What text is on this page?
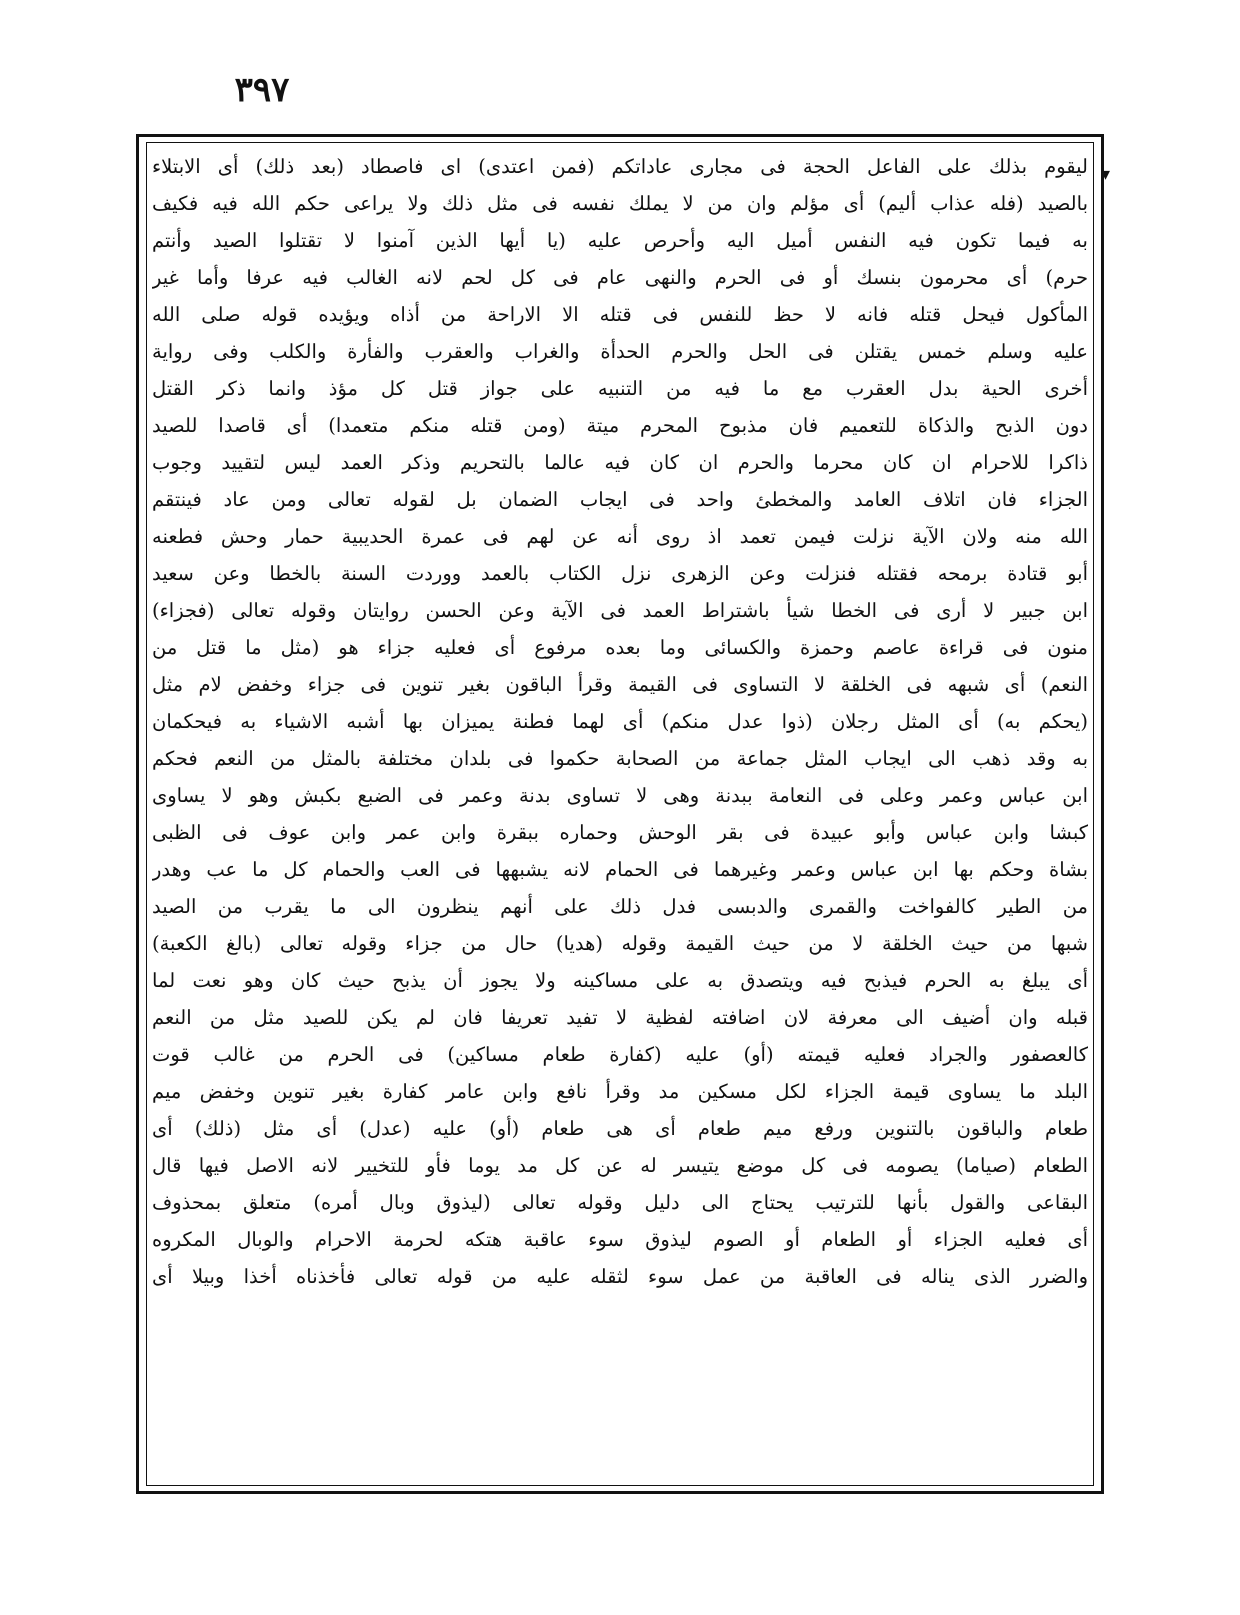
٣٩٧
▾
ليقوم بذلك على الفاعل الحجة فى مجارى عاداتكم (فمن اعتدى) اى فاصطاد (بعد ذلك) أى الابتلاء
بالصيد (فله عذاب أليم) أى مؤلم وان من لا يملك نفسه فى مثل ذلك ولا يراعى حكم الله فيه فكيف
به فيما تكون فيه النفس أميل اليه وأحرص عليه (يا أيها الذين آمنوا لا تقتلوا الصيد وأنتم
حرم) أى محرمون بنسك أو فى الحرم والنهى عام فى كل لحم لانه الغالب فيه عرفا وأما غير
المأكول فيحل قتله فانه لا حظ للنفس فى قتله الا الاراحة من أذاه ويؤيده قوله صلى الله
عليه وسلم خمس يقتلن فى الحل والحرم الحدأة والغراب والعقرب والفأرة والكلب وفى رواية
أخرى الحية بدل العقرب مع ما فيه من التنبيه على جواز قتل كل مؤذ وانما ذكر القتل
دون الذبح والذكاة للتعميم فان مذبوح المحرم ميتة (ومن قتله منكم متعمدا) أى قاصدا للصيد
ذاكرا للاحرام ان كان محرما والحرم ان كان فيه عالما بالتحريم وذكر العمد ليس لتقييد وجوب
الجزاء فان اتلاف العامد والمخطئ واحد فى ايجاب الضمان بل لقوله تعالى ومن عاد فينتقم
الله منه ولان الآية نزلت فيمن تعمد اذ روى أنه عن لهم فى عمرة الحديبية حمار وحش فطعنه
أبو قتادة برمحه فقتله فنزلت وعن الزهرى نزل الكتاب بالعمد ووردت السنة بالخطا وعن سعيد
ابن جبير لا أرى فى الخطا شيأ باشتراط العمد فى الآية وعن الحسن روايتان وقوله تعالى (فجزاء)
منون فى قراءة عاصم وحمزة والكسائى وما بعده مرفوع أى فعليه جزاء هو (مثل ما قتل من
النعم) أى شبهه فى الخلقة لا التساوى فى القيمة وقرأ الباقون بغير تنوين فى جزاء وخفض لام مثل
(يحكم به) أى المثل رجلان (ذوا عدل منكم) أى لهما فطنة يميزان بها أشبه الاشياء به فيحكمان
به وقد ذهب الى ايجاب المثل جماعة من الصحابة حكموا فى بلدان مختلفة بالمثل من النعم فحكم
ابن عباس وعمر وعلى فى النعامة ببدنة وهى لا تساوى بدنة وعمر فى الضبع بكبش وهو لا يساوى
كبشا وابن عباس وأبو عبيدة فى بقر الوحش وحماره ببقرة وابن عمر وابن عوف فى الظبى
بشاة وحكم بها ابن عباس وعمر وغيرهما فى الحمام لانه يشبهها فى العب والحمام كل ما عب وهدر
من الطير كالفواخت والقمرى والدبسى فدل ذلك على أنهم ينظرون الى ما يقرب من الصيد
شبها من حيث الخلقة لا من حيث القيمة وقوله (هديا) حال من جزاء وقوله تعالى (بالغ الكعبة)
أى يبلغ به الحرم فيذبح فيه ويتصدق به على مساكينه ولا يجوز أن يذبح حيث كان وهو نعت لما
قبله وان أضيف الى معرفة لان اضافته لفظية لا تفيد تعريفا فان لم يكن للصيد مثل من النعم
كالعصفور والجراد فعليه قيمته (أو) عليه (كفارة طعام مساكين) فى الحرم من غالب قوت
البلد ما يساوى قيمة الجزاء لكل مسكين مد وقرأ نافع وابن عامر كفارة بغير تنوين وخفض ميم
طعام والباقون بالتنوين ورفع ميم طعام أى هى طعام (أو) عليه (عدل) أى مثل (ذلك) أى
الطعام (صياما) يصومه فى كل موضع يتيسر له عن كل مد يوما فأو للتخيير لانه الاصل فيها قال
البقاعى والقول بأنها للترتيب يحتاج الى دليل وقوله تعالى (ليذوق وبال أمره) متعلق بمحذوف
أى فعليه الجزاء أو الطعام أو الصوم ليذوق سوء عاقبة هتكه لحرمة الاحرام والوبال المكروه
والضرر الذى يناله فى العاقبة من عمل سوء لثقله عليه من قوله تعالى فأخذناه أخذا وبيلا أى
